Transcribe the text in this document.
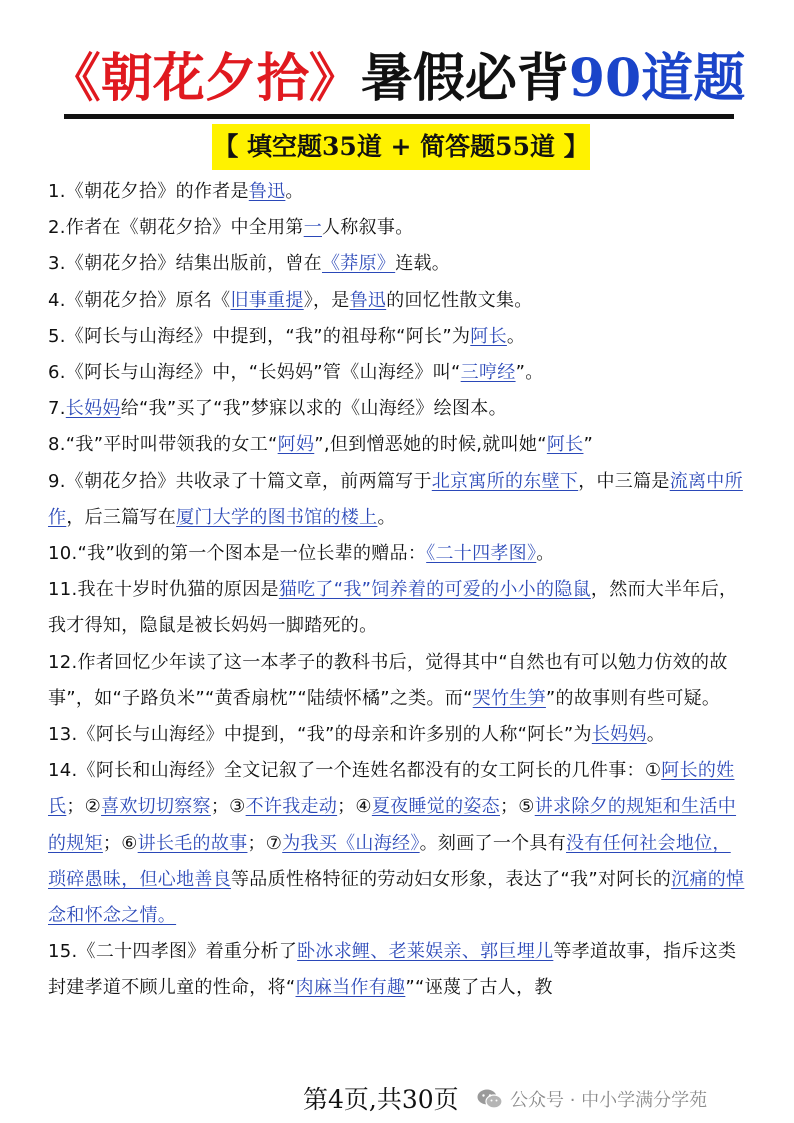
《朝花夕拾》暑假必背90道题
【 填空题35道 + 简答题55道 】

1.《朝花夕拾》的作者是鲁迅。

2.作者在《朝花夕拾》中全用第一人称叙事。

3.《朝花夕拾》结集出版前，曾在《莽原》连载。

4.《朝花夕拾》原名《旧事重提》，是鲁迅的回忆性散文集。

5.《阿长与山海经》中提到，“我”的祖母称“阿长”为阿长。

6.《阿长与山海经》中，“长妈妈”管《山海经》叫“三哼经”。

7.长妈妈给“我”买了“我”梦寐以求的《山海经》绘图本。

8.“我”平时叫带领我的女工“阿妈”,但到憎恶她的时候,就叫她“阿长”

9.《朝花夕拾》共收录了十篇文章，前两篇写于北京寓所的东壁下，中三篇是流离中所作，后三篇写在厦门大学的图书馆的楼上。

10.“我”收到的第一个图本是一位长辈的赠品：《二十四孝图》。

11.我在十岁时仇猫的原因是猫吃了“我”饲养着的可爱的小小的隐鼠，然而大半年后，我才得知，隐鼠是被长妈妈一脚踏死的。

12.作者回忆少年读了这一本孝子的教科书后，觉得其中“自然也有可以勉力仿效的故事”，如“子路负米”“黄香扇枕”“陆绩怀橘”之类。而“哭竹生笋”的故事则有些可疑。

13.《阿长与山海经》中提到，“我”的母亲和许多别的人称“阿长”为长妈妈。

14.《阿长和山海经》全文记叙了一个连姓名都没有的女工阿长的几件事：①阿长的姓氏；②喜欢切切察察；③不许我走动；④夏夜睡觉的姿态；⑤讲求除夕的规矩和生活中的规矩；⑥讲长毛的故事；⑦为我买《山海经》。刻画了一个具有没有任何社会地位，琐碎愚昧，但心地善良等品质性格特征的劳动妇女形象，表达了“我”对阿长的沉痛的悼念和怀念之情。

15.《二十四孝图》着重分析了卧冰求鲤、老莱娱亲、郭巨埋儿等孝道故事，指斥这类封建孝道不顾儿童的性命，将“肉麻当作有趣”“诬蔑了古人，教

第4页,共30页	公众号 · 中小学满分学苑
